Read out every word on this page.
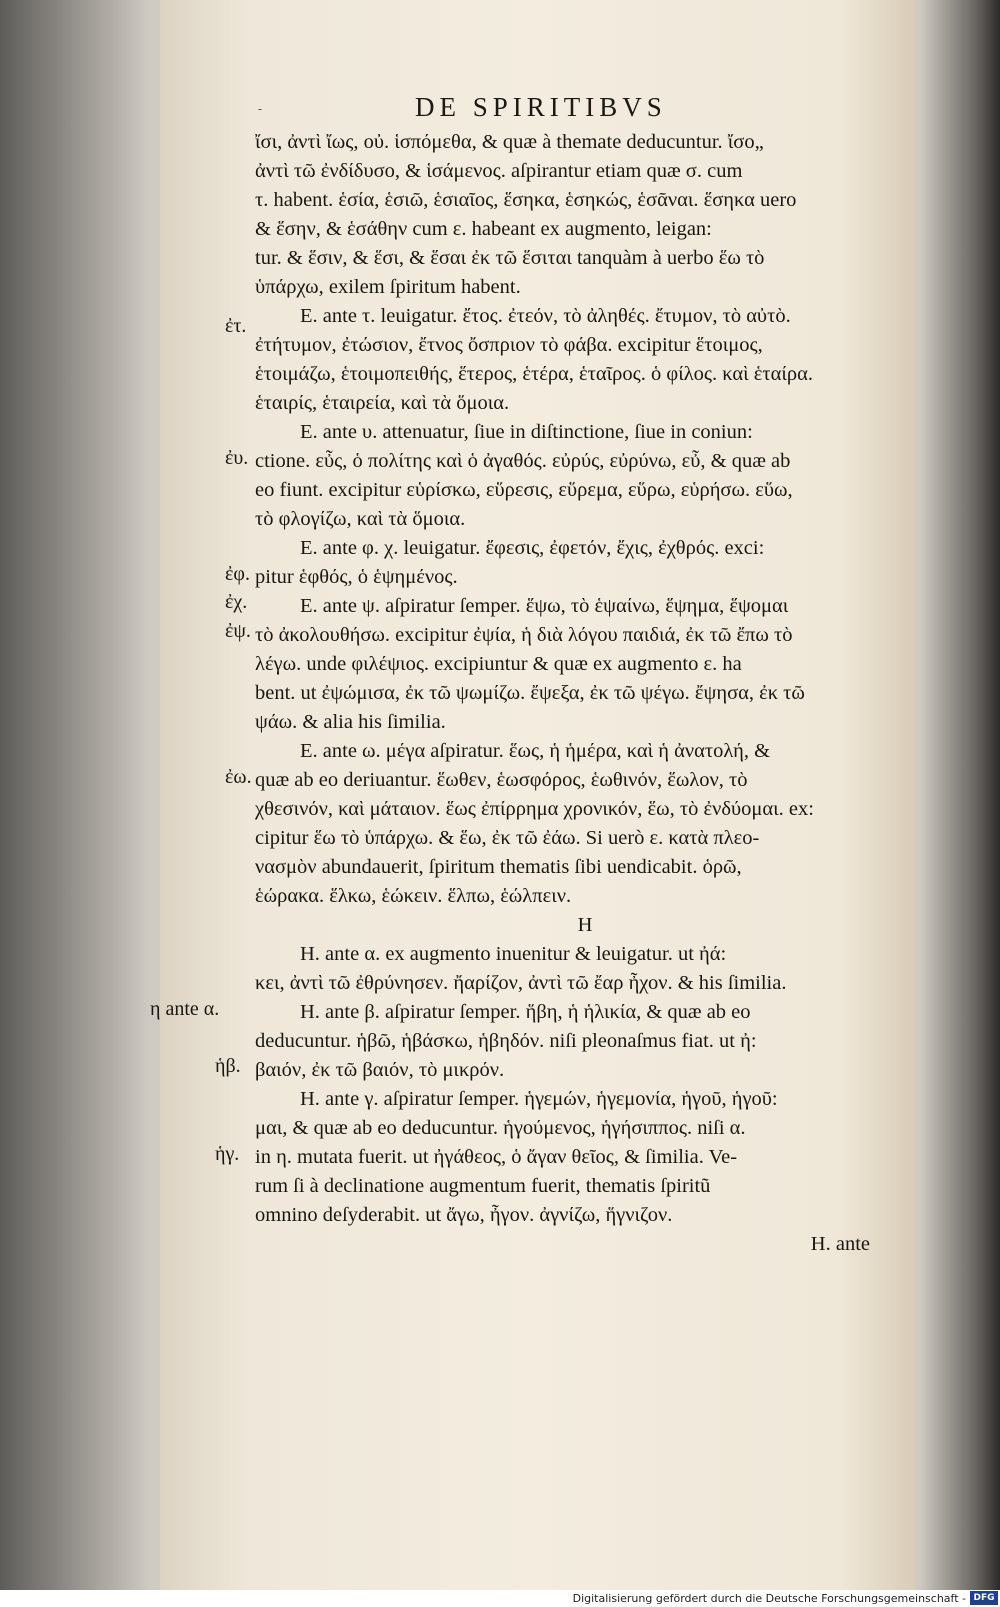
-	DE SPIRITIBVS
ἴσι, ἀντὶ ἴως, οὐ. ἱσπόμεθα, & quæ à themate deducuntur. ἴσο„
ἀντὶ τῶ ἐνδίδυσο, & ἱσάμενος. aſpirantur etiam quæ σ. cum
τ. habent. ἑσία, ἑσιῶ, ἑσιαῖος, ἕσηκα, ἑσηκώς, ἑσᾶναι. ἕσηκα uero
& ἕσην, & ἑσάθην cum ε. habeant ex augmento, leigan:
tur. & ἕσιν, & ἕσι, & ἕσαι ἐκ τῶ ἕσιται tanquàm à uerbo ἕω τὸ
ὑπάρχω, exilem ſpiritum habent.
E. ante τ. leuigatur. ἔτος. ἐτεόν, τὸ ἀληθές. ἔτυμον, τὸ αὐτὸ.
ἐτήτυμον, ἐτώσιον, ἔτνος ὄσπριον τὸ φάβα. excipitur ἕτοιμος,
ἑτοιμάζω, ἑτοιμοπειθής, ἕτερος, ἑτέρα, ἑταῖρος. ὁ φίλος. καὶ ἑταίρα.
ἑταιρίς, ἑταιρεία, καὶ τὰ ὅμοια.
E. ante υ. attenuatur, ſiue in diſtinctione, ſiue in coniun:
ctione. εὖς, ὁ πολίτης καὶ ὁ ἀγαθός. εὐρύς, εὐρύνω, εὖ, & quæ ab
eo fiunt. excipitur εὑρίσκω, εὕρεσις, εὕρεμα, εὕρω, εὑρήσω. εὕω,
τὸ φλογίζω, καὶ τὰ ὅμοια.
E. ante φ. χ. leuigatur. ἔφεσις, ἐφετόν, ἔχις, ἐχθρός. exci:
pitur ἑφθός, ὁ ἑψημένος.
E. ante ψ. aſpiratur ſemper. ἕψω, τὸ ἑψαίνω, ἕψημα, ἕψομαι
τὸ ἀκολουθήσω. excipitur ἐψία, ἡ διὰ λόγου παιδιά, ἐκ τῶ ἔπω τὸ
λέγω. unde φιλέψιος. excipiuntur & quæ ex augmento ε. ha
bent. ut ἐψώμισα, ἐκ τῶ ψωμίζω. ἔψεξα, ἐκ τῶ ψέγω. ἔψησα, ἐκ τῶ
ψάω. & alia his ſimilia.
E. ante ω. μέγα aſpiratur. ἕως, ἡ ἡμέρα, καὶ ἡ ἀνατολή, &
quæ ab eo deriuantur. ἕωθεν, ἑωσφόρος, ἑωθινόν, ἕωλον, τὸ
χθεσινόν, καὶ μάταιον. ἕως ἐπίρρημα χρονικόν, ἕω, τὸ ἐνδύομαι. ex:
cipitur ἕω τὸ ὑπάρχω. & ἕω, ἐκ τῶ ἐάω. Si uerò ε. κατὰ πλεο-
νασμὸν abundauerit, ſpiritum thematis ſibi uendicabit. ὁρῶ,
ἑώρακα. ἕλκω, ἑώκειν. ἕλπω, ἑώλπειν.
H
H. ante α. ex augmento inuenitur & leuigatur. ut ἠά:
κει, ἀντὶ τῶ ἐθρύνησεν. ἤαρίζον, ἀντὶ τῶ ἔαρ ἦχον. & his ſimilia.
H. ante β. aſpiratur ſemper. ἥβη, ἡ ἡλικία, & quæ ab eo
deducuntur. ἡβῶ, ἡβάσκω, ἡβηδόν. niſi pleonaſmus fiat. ut ἠ:
βαιόν, ἐκ τῶ βαιόν, τὸ μικρόν.
H. ante γ. aſpiratur ſemper. ἡγεμών, ἡγεμονία, ἡγοῦ, ἡγοῦ:
μαι, & quæ ab eo deducuntur. ἡγούμενος, ἡγήσιππος. niſi α.
in η. mutata fuerit. ut ἠγάθεος, ὁ ἄγαν θεῖος, & ſimilia. Ve-
rum ſi à declinatione augmentum fuerit, thematis ſpiritũ
omnino deſyderabit. ut ἄγω, ἦγον. ἀγνίζω, ἥγνιζον.
H. ante
ἐτ.
ἐυ.
ἐφ.
ἐχ.
ἐψ.
ἐω.
η ante α.
ἡβ.
ἡγ.
Digitalisierung gefördert durch die Deutsche Forschungsgemeinschaft - DFG
